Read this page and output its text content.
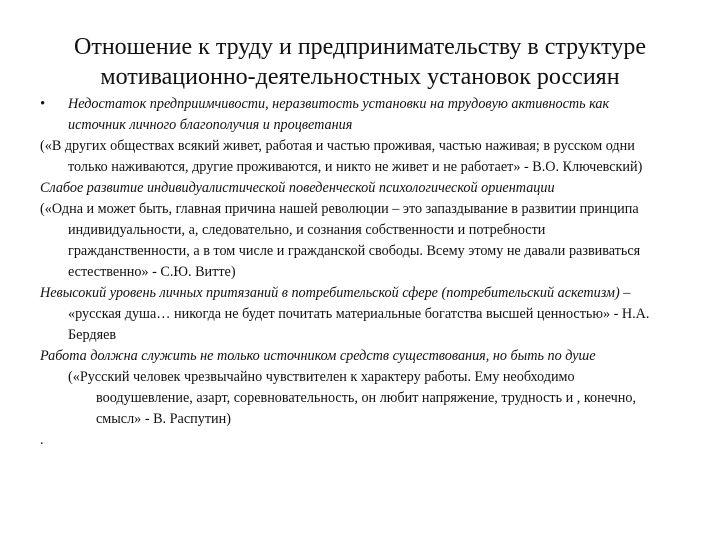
Отношение к труду и предпринимательству в структуре
мотивационно-деятельностных установок россиян
• Недостаток предприимчивости, неразвитость установки на трудовую активность как источник личного благополучия и процветания
(«В других обществах всякий живет, работая и частью проживая, частью наживая; в русском одни только наживаются, другие проживаются, и никто не живет и не работает» - В.О. Ключевский)
Слабое развитие индивидуалистической поведенческой психологической ориентации
(«Одна и может быть, главная причина нашей революции – это запаздывание в развитии принципа индивидуальности, а, следовательно, и сознания собственности и потребности гражданственности, а в том числе и гражданской свободы. Всему этому не давали развиваться естественно» - С.Ю. Витте)
Невысокий уровень личных притязаний в потребительской сфере (потребительский аскетизм) – «русская душа… никогда не будет почитать материальные богатства высшей ценностью» - Н.А. Бердяев
Работа должна служить не только источником средств существования, но быть по душе
(«Русский человек чрезвычайно чувствителен к характеру работы. Ему необходимо воодушевление, азарт, соревновательность, он любит напряжение, трудность и , конечно, смысл» - В. Распутин)
.
